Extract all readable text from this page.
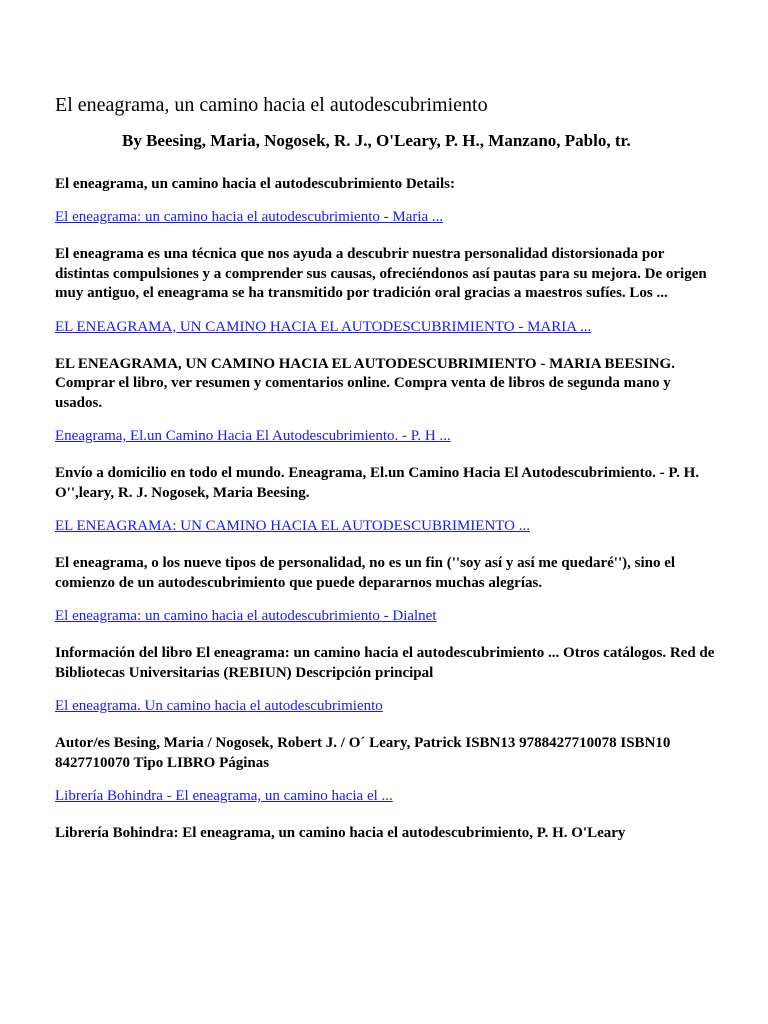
El eneagrama, un camino hacia el autodescubrimiento

By Beesing, Maria, Nogosek, R. J., O'Leary, P. H., Manzano, Pablo, tr.

El eneagrama, un camino hacia el autodescubrimiento Details:

El eneagrama: un camino hacia el autodescubrimiento - Maria ...

El eneagrama es una técnica que nos ayuda a descubrir nuestra personalidad distorsionada por distintas compulsiones y a comprender sus causas, ofreciéndonos así pautas para su mejora. De origen muy antiguo, el eneagrama se ha transmitido por tradición oral gracias a maestros sufíes. Los ...

EL ENEAGRAMA, UN CAMINO HACIA EL AUTODESCUBRIMIENTO - MARIA ...

EL ENEAGRAMA, UN CAMINO HACIA EL AUTODESCUBRIMIENTO - MARIA BEESING. Comprar el libro, ver resumen y comentarios online. Compra venta de libros de segunda mano y usados.

Eneagrama, El.un Camino Hacia El Autodescubrimiento. - P. H ...

Envío a domicilio en todo el mundo. Eneagrama, El.un Camino Hacia El Autodescubrimiento. - P. H. O'',leary, R. J. Nogosek, Maria Beesing.

EL ENEAGRAMA: UN CAMINO HACIA EL AUTODESCUBRIMIENTO ...

El eneagrama, o los nueve tipos de personalidad, no es un fin (''soy así y así me quedaré''), sino el comienzo de un autodescubrimiento que puede depararnos muchas alegrías.

El eneagrama: un camino hacia el autodescubrimiento - Dialnet

Información del libro El eneagrama: un camino hacia el autodescubrimiento ... Otros catálogos. Red de Bibliotecas Universitarias (REBIUN) Descripción principal

El eneagrama. Un camino hacia el autodescubrimiento

Autor/es Besing, Maria / Nogosek, Robert J. / O´ Leary, Patrick ISBN13 9788427710078 ISBN10 8427710070 Tipo LIBRO Páginas

Librería Bohindra - El eneagrama, un camino hacia el ...

Librería Bohindra: El eneagrama, un camino hacia el autodescubrimiento, P. H. O'Leary
